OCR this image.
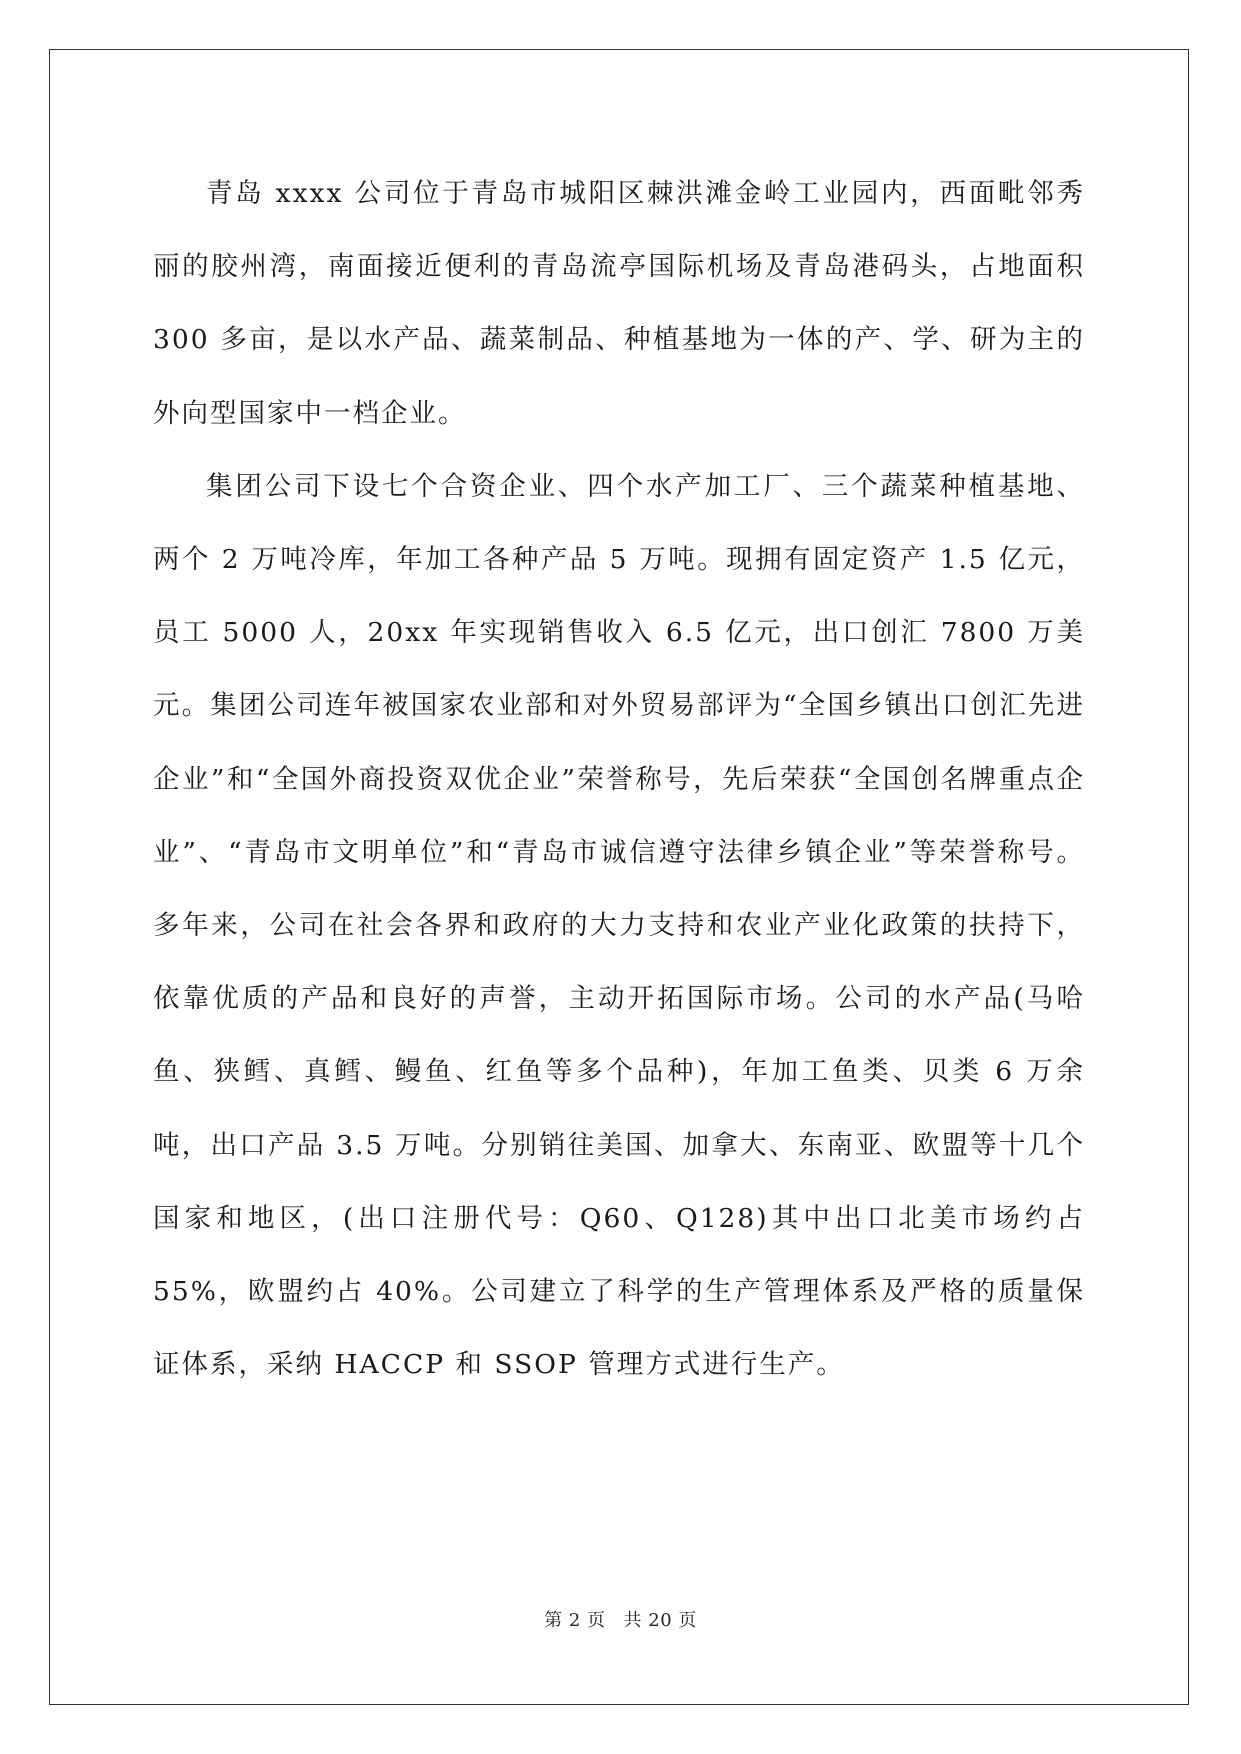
青岛 xxxx 公司位于青岛市城阳区棘洪滩金岭工业园内，西面毗邻秀丽的胶州湾，南面接近便利的青岛流亭国际机场及青岛港码头，占地面积 300 多亩，是以水产品、蔬菜制品、种植基地为一体的产、学、研为主的外向型国家中一档企业。

集团公司下设七个合资企业、四个水产加工厂、三个蔬菜种植基地、两个 2 万吨冷库，年加工各种产品 5 万吨。现拥有固定资产 1.5 亿元，员工 5000 人，20xx 年实现销售收入 6.5 亿元，出口创汇 7800 万美元。集团公司连年被国家农业部和对外贸易部评为“全国乡镇出口创汇先进企业”和“全国外商投资双优企业”荣誉称号，先后荣获“全国创名牌重点企业”、“青岛市文明单位”和“青岛市诚信遵守法律乡镇企业”等荣誉称号。多年来，公司在社会各界和政府的大力支持和农业产业化政策的扶持下，依靠优质的产品和良好的声誉，主动开拓国际市场。公司的水产品(马哈鱼、狭鳕、真鳕、鳗鱼、红鱼等多个品种)，年加工鱼类、贝类 6 万余吨，出口产品 3.5 万吨。分别销往美国、加拿大、东南亚、欧盟等十几个国家和地区，(出口注册代号：Q60、Q128)其中出口北美市场约占 55%，欧盟约占 40%。公司建立了科学的生产管理体系及严格的质量保证体系，采纳 HACCP 和 SSOP 管理方式进行生产。

第 2 页 共 20 页
